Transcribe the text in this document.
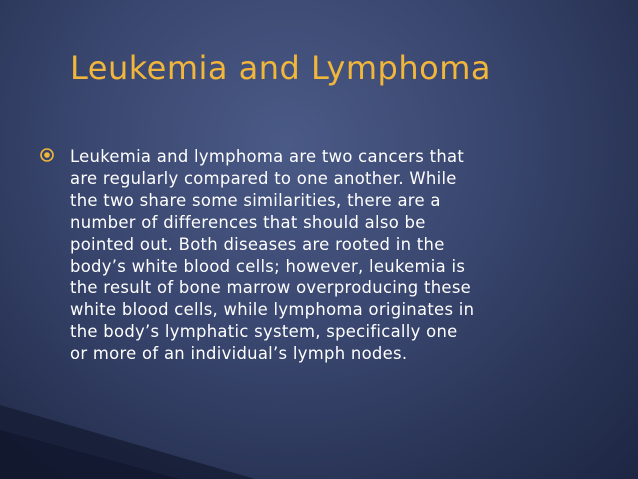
Leukemia and Lymphoma

Leukemia and lymphoma are two cancers that
are regularly compared to one another. While
the two share some similarities, there are a
number of differences that should also be
pointed out. Both diseases are rooted in the
body’s white blood cells; however, leukemia is
the result of bone marrow overproducing these
white blood cells, while lymphoma originates in
the body’s lymphatic system, specifically one
or more of an individual’s lymph nodes.
